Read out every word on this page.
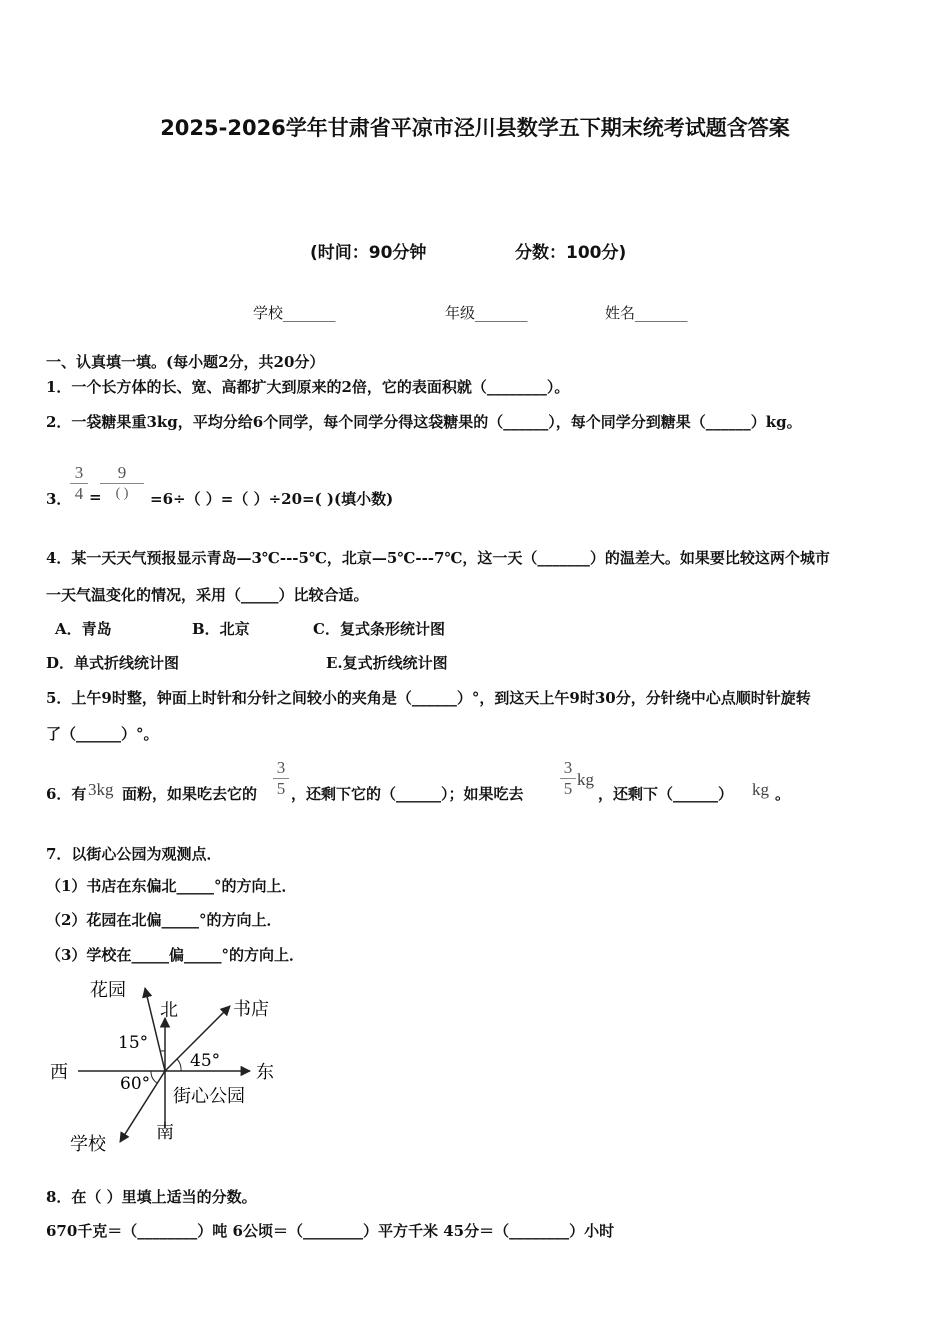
2025-2026学年甘肃省平凉市泾川县数学五下期末统考试题含答案
(时间：90分钟	分数：100分)
学校_______	年级_______	姓名_______
一、认真填一填。(每小题2分，共20分）
1．一个长方体的长、宽、高都扩大到原来的2倍，它的表面积就（________）。
2．一袋糖果重3kg，平均分给6个同学，每个同学分得这袋糖果的（______），每个同学分到糖果（______）kg。
3．
3
4 =
9
( )	=6÷（ ）=（ ）÷20=( )(填小数)
4．某一天天气预报显示青岛—3℃---5℃，北京—5℃---7℃，这一天（_______）的温差大。如果要比较这两个城市
一天气温变化的情况，采用（_____）比较合适。
A．青岛	B．北京	C．复式条形统计图
D．单式折线统计图	E.复式折线统计图
5．上午9时整，钟面上时针和分针之间较小的夹角是（______）°，到这天上午9时30分，分针绕中心点顺时针旋转
了（______）°。
6．有 3kg 面粉，如果吃去它的
3
5 ，还剩下它的（______）；如果吃去
3
5 kg
，还剩下（______） kg 。
7．以街心公园为观测点．
（1）书店在东偏北_____°的方向上．
（2）花园在北偏_____°的方向上．
（3）学校在_____偏_____°的方向上．
花园
北	书店
15°
45°
西	东
60°
街心公园
南
学校
8．在（ ）里填上适当的分数。
670千克＝（________）吨 6公顷＝（________）平方千米 45分＝（________）小时
